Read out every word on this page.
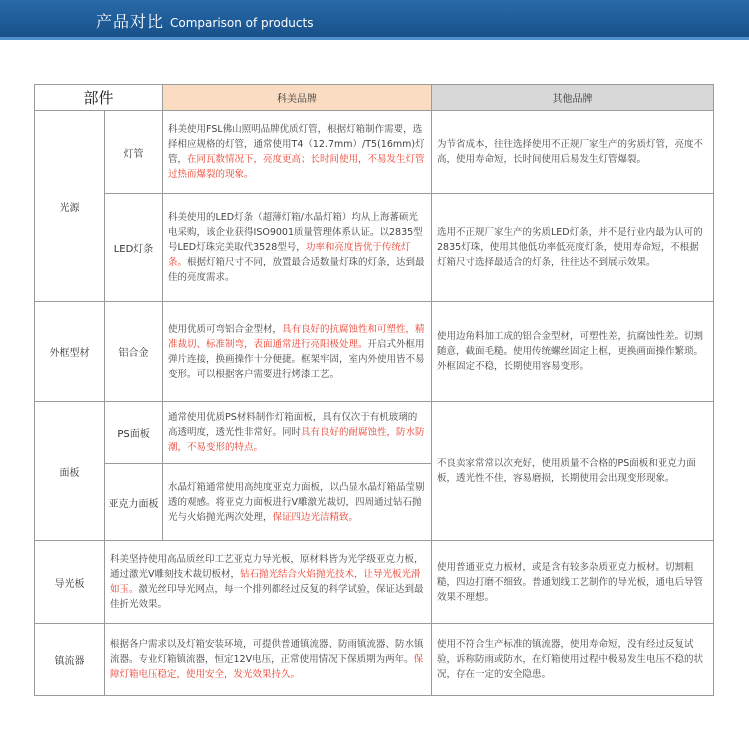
产品对比 Comparison of products
部件		科美品牌	其他品牌
光源	灯管	科美使用FSL佛山照明品牌优质灯管，根据灯箱制作需要，选择相应规格的灯管，通常使用T4（12.7mm）/T5(16mm)灯管，在同瓦数情况下，亮度更高；长时间使用，不易发生灯管过热而爆裂的现象。	为节省成本，往往选择使用不正规厂家生产的劣质灯管，亮度不高，使用寿命短，长时间使用后易发生灯管爆裂。
	LED灯条	科美使用的LED灯条（超薄灯箱/水晶灯箱）均从上海蕃硕光电采购，该企业获得ISO9001质量管理体系认证。以2835型号LED灯珠完美取代3528型号，功率和亮度皆优于传统灯条。根据灯箱尺寸不同，放置最合适数量灯珠的灯条，达到最佳的亮度需求。	选用不正规厂家生产的劣质LED灯条，并不是行业内最为认可的2835灯珠，使用其他低功率低亮度灯条，使用寿命短，不根据灯箱尺寸选择最适合的灯条，往往达不到展示效果。
外框型材	铝合金	使用优质可弯铝合金型材，具有良好的抗腐蚀性和可塑性，精准裁切、标准制弯，表面通常进行亮阳极处理。开启式外框用弹片连接，换画操作十分便捷。框架牢固，室内外使用皆不易变形。可以根据客户需要进行烤漆工艺。	使用边角料加工成的铝合金型材，可塑性差，抗腐蚀性差。切割随意，截面毛糙。使用传统螺丝固定上框，更换画面操作繁琐。外框固定不稳，长期使用容易变形。
面板	PS面板	通常使用优质PS材料制作灯箱面板，具有仅次于有机玻璃的高透明度，透光性非常好。同时具有良好的耐腐蚀性，防水防潮，不易变形的特点。	不良卖家常常以次充好，使用质量不合格的PS面板和亚克力面板，透光性不佳，容易磨损，长期使用会出现变形现象。
	亚克力面板	水晶灯箱通常使用高纯度亚克力面板，以凸显水晶灯箱晶莹剔透的观感。将亚克力面板进行V雕激光裁切，四周通过钻石抛光与火焰抛光两次处理，保证四边光洁精致。	
导光板	科美坚持使用高品质丝印工艺亚克力导光板，原材料皆为光学级亚克力板，通过激光V雕刻技术裁切板材，钻石抛光结合火焰抛光技术，让导光板光滑如玉。激光丝印导光网点，每一个排列都经过反复的科学试验，保证达到最佳折光效果。		使用普通亚克力板材，或是含有较多杂质亚克力板材。切割粗糙，四边打磨不细致。普通划线工艺制作的导光板，通电后导管效果不理想。
镇流器	根据各户需求以及灯箱安装环境，可提供普通镇流器、防雨镇流器、防水镇流器。专业灯箱镇流器，恒定12V电压，正常使用情况下保质期为两年。保障灯箱电压稳定，使用安全，发光效果持久。		使用不符合生产标准的镇流器，使用寿命短，没有经过反复试验，诉称防雨或防水，在灯箱使用过程中极易发生电压不稳的状况，存在一定的安全隐患。
